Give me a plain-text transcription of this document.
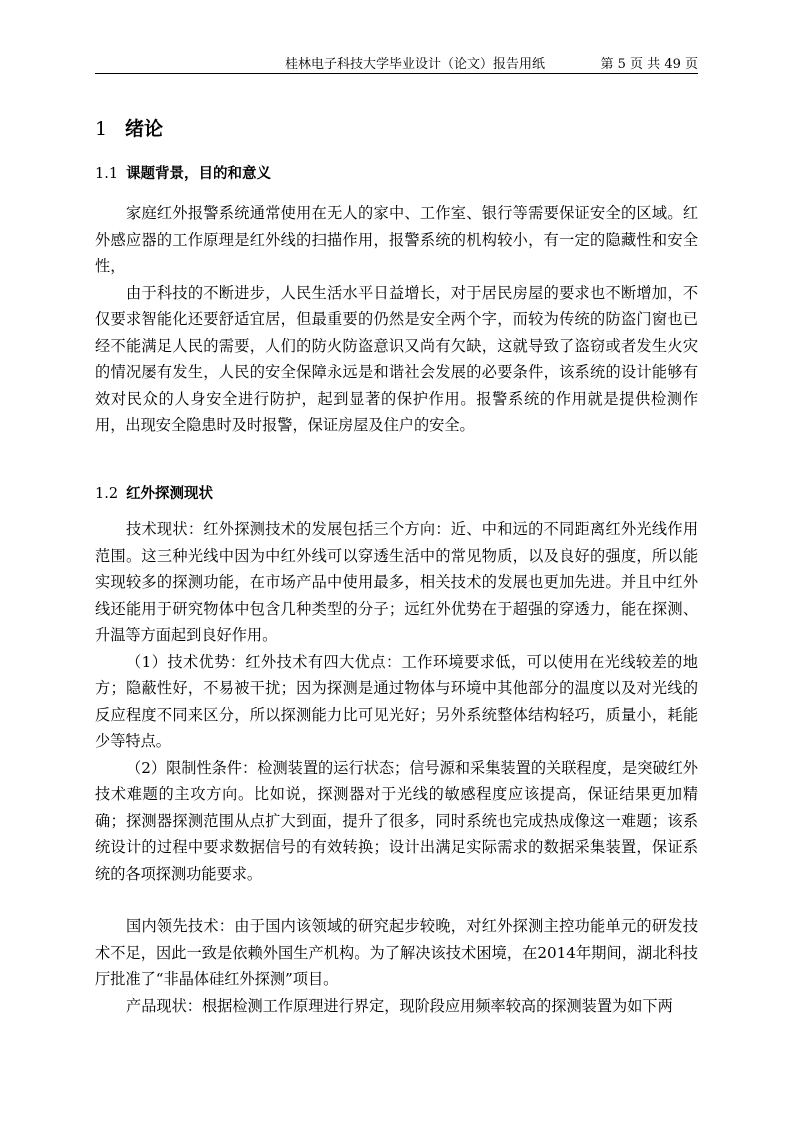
桂林电子科技大学毕业设计（论文）报告用纸	第 5 页 共 49 页
1 绪论
1.1 课题背景，目的和意义

家庭红外报警系统通常使用在无人的家中、工作室、银行等需要保证安全的区域。红外感应器的工作原理是红外线的扫描作用，报警系统的机构较小，有一定的隐藏性和安全性，

由于科技的不断进步，人民生活水平日益增长，对于居民房屋的要求也不断增加，不仅要求智能化还要舒适宜居，但最重要的仍然是安全两个字，而较为传统的防盗门窗也已经不能满足人民的需要，人们的防火防盗意识又尚有欠缺，这就导致了盗窃或者发生火灾的情况屡有发生，人民的安全保障永远是和谐社会发展的必要条件，该系统的设计能够有效对民众的人身安全进行防护，起到显著的保护作用。报警系统的作用就是提供检测作用，出现安全隐患时及时报警，保证房屋及住户的安全。

1.2 红外探测现状

技术现状：红外探测技术的发展包括三个方向：近、中和远的不同距离红外光线作用范围。这三种光线中因为中红外线可以穿透生活中的常见物质，以及良好的强度，所以能实现较多的探测功能，在市场产品中使用最多，相关技术的发展也更加先进。并且中红外线还能用于研究物体中包含几种类型的分子；远红外优势在于超强的穿透力，能在探测、升温等方面起到良好作用。

（1）技术优势：红外技术有四大优点：工作环境要求低，可以使用在光线较差的地方；隐蔽性好，不易被干扰；因为探测是通过物体与环境中其他部分的温度以及对光线的反应程度不同来区分，所以探测能力比可见光好；另外系统整体结构轻巧，质量小，耗能少等特点。

（2）限制性条件：检测装置的运行状态；信号源和采集装置的关联程度，是突破红外技术难题的主攻方向。比如说，探测器对于光线的敏感程度应该提高，保证结果更加精确；探测器探测范围从点扩大到面，提升了很多，同时系统也完成热成像这一难题；该系统设计的过程中要求数据信号的有效转换；设计出满足实际需求的数据采集装置，保证系统的各项探测功能要求。

国内领先技术：由于国内该领域的研究起步较晚，对红外探测主控功能单元的研发技术不足，因此一致是依赖外国生产机构。为了解决该技术困境，在2014年期间，湖北科技厅批准了“非晶体硅红外探测”项目。

产品现状：根据检测工作原理进行界定，现阶段应用频率较高的探测装置为如下两
